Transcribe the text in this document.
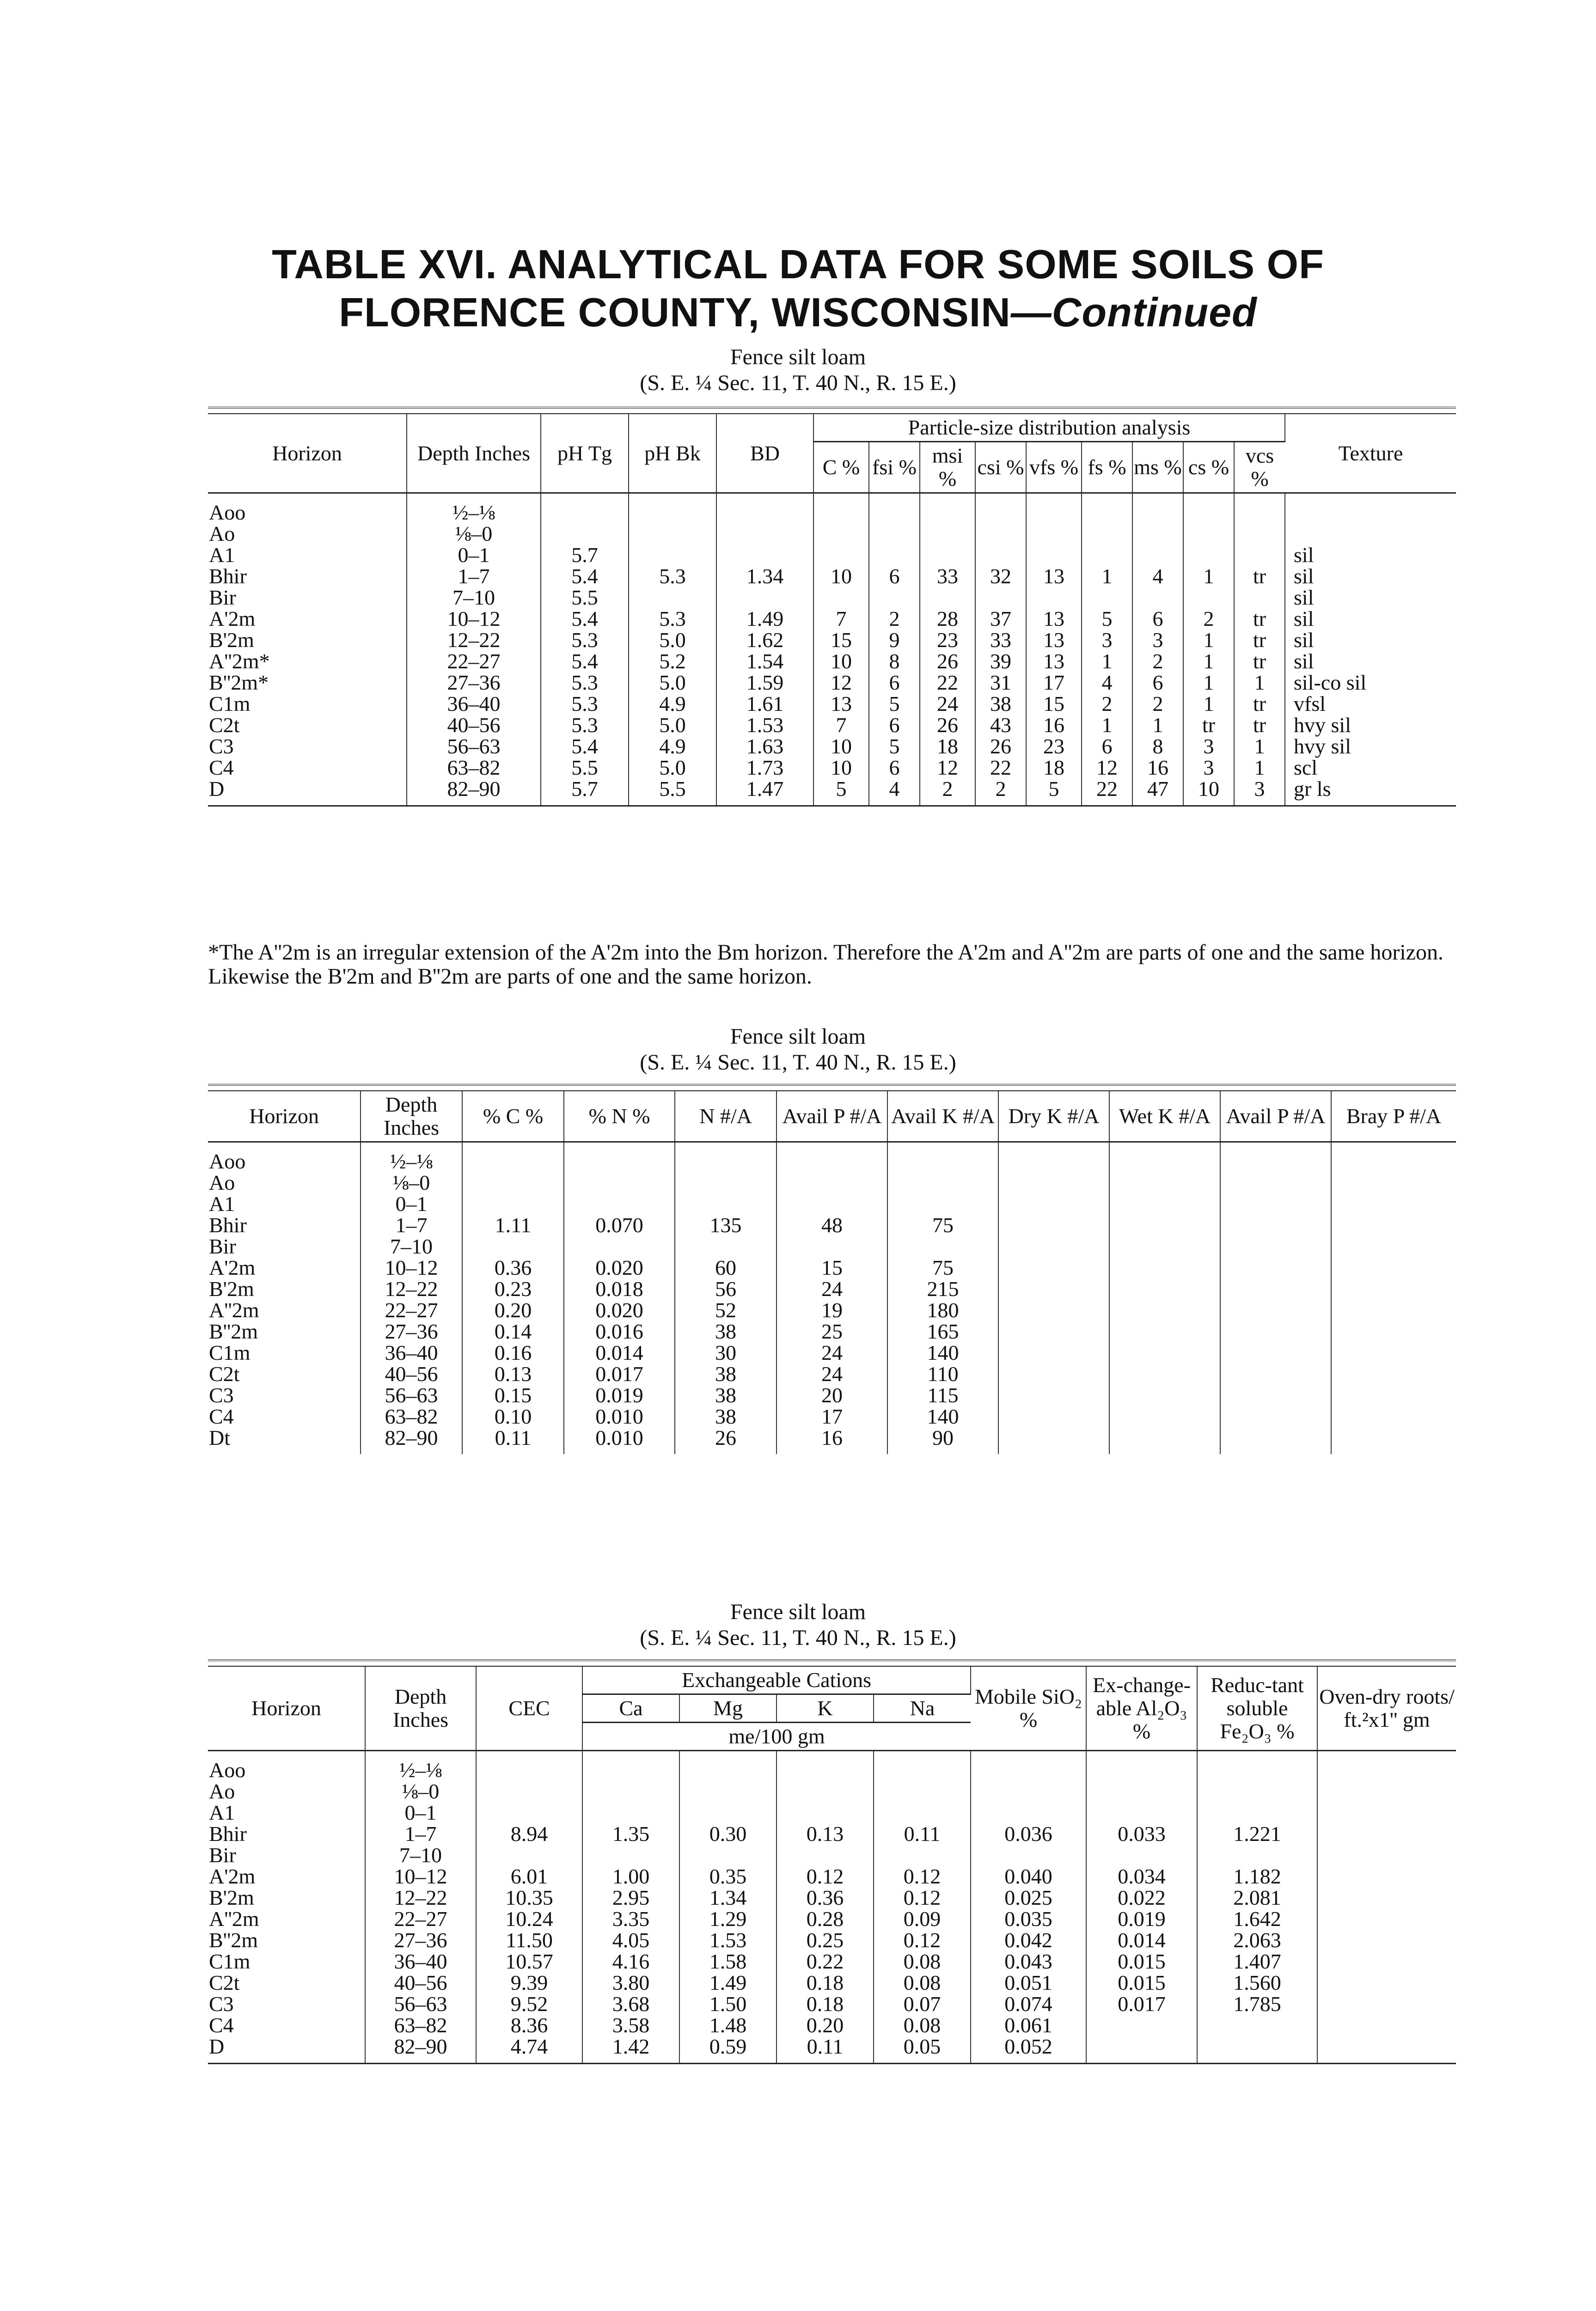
TABLE XVI. ANALYTICAL DATA FOR SOME SOILS OF
FLORENCE COUNTY, WISCONSIN—Continued
Fence silt loam
(S. E. ¼ Sec. 11, T. 40 N., R. 15 E.)
Horizon	Depth Inches	pH Tg	pH Bk	BD	Particle-size distribution analysis									Texture
					C %	fsi %	msi %	csi %	vfs %	fs %	ms %	cs %	vcs %	
Aoo	½–⅛													
Ao	⅛–0													
A1	0–1	5.7												sil
Bhir	1–7	5.4	5.3	1.34	10	6	33	32	13	1	4	1	tr	sil
Bir	7–10	5.5												sil
A'2m	10–12	5.4	5.3	1.49	7	2	28	37	13	5	6	2	tr	sil
B'2m	12–22	5.3	5.0	1.62	15	9	23	33	13	3	3	1	tr	sil
A''2m*	22–27	5.4	5.2	1.54	10	8	26	39	13	1	2	1	tr	sil
B''2m*	27–36	5.3	5.0	1.59	12	6	22	31	17	4	6	1	1	sil-co sil
C1m	36–40	5.3	4.9	1.61	13	5	24	38	15	2	2	1	tr	vfsl
C2t	40–56	5.3	5.0	1.53	7	6	26	43	16	1	1	tr	tr	hvy sil
C3	56–63	5.4	4.9	1.63	10	5	18	26	23	6	8	3	1	hvy sil
C4	63–82	5.5	5.0	1.73	10	6	12	22	18	12	16	3	1	scl
D	82–90	5.7	5.5	1.47	5	4	2	2	5	22	47	10	3	gr ls
*The A''2m is an irregular extension of the A'2m into the Bm horizon. Therefore the A'2m and A''2m are parts of one and the same horizon. Likewise the B'2m and B''2m are parts of one and the same horizon.
Fence silt loam
(S. E. ¼ Sec. 11, T. 40 N., R. 15 E.)
Horizon	Depth Inches	% C %	% N %	N #/A	Avail P #/A	Avail K #/A	Dry K #/A	Wet K #/A	Avail P #/A	Bray P #/A
Aoo	½–⅛									
Ao	⅛–0									
A1	0–1									
Bhir	1–7	1.11	0.070	135	48	75				
Bir	7–10									
A'2m	10–12	0.36	0.020	60	15	75				
B'2m	12–22	0.23	0.018	56	24	215				
A''2m	22–27	0.20	0.020	52	19	180				
B''2m	27–36	0.14	0.016	38	25	165				
C1m	36–40	0.16	0.014	30	24	140				
C2t	40–56	0.13	0.017	38	24	110				
C3	56–63	0.15	0.019	38	20	115				
C4	63–82	0.10	0.010	38	17	140				
Dt	82–90	0.11	0.010	26	16	90				
Fence silt loam
(S. E. ¼ Sec. 11, T. 40 N., R. 15 E.)
Horizon	Depth Inches	CEC	Exchangeable Cations				Mobile SiO₂ %	Ex-change-able Al₂O₃ %	Reduc-tant soluble Fe₂O₃ %	Oven-dry roots/ ft.²x1'' gm
			Ca	Mg	K	Na				
			me/100 gm							
Aoo	½–⅛									
Ao	⅛–0									
A1	0–1									
Bhir	1–7	8.94	1.35	0.30	0.13	0.11	0.036	0.033	1.221	
Bir	7–10									
A'2m	10–12	6.01	1.00	0.35	0.12	0.12	0.040	0.034	1.182	
B'2m	12–22	10.35	2.95	1.34	0.36	0.12	0.025	0.022	2.081	
A''2m	22–27	10.24	3.35	1.29	0.28	0.09	0.035	0.019	1.642	
B''2m	27–36	11.50	4.05	1.53	0.25	0.12	0.042	0.014	2.063	
C1m	36–40	10.57	4.16	1.58	0.22	0.08	0.043	0.015	1.407	
C2t	40–56	9.39	3.80	1.49	0.18	0.08	0.051	0.015	1.560	
C3	56–63	9.52	3.68	1.50	0.18	0.07	0.074	0.017	1.785	
C4	63–82	8.36	3.58	1.48	0.20	0.08	0.061			
D	82–90	4.74	1.42	0.59	0.11	0.05	0.052			
